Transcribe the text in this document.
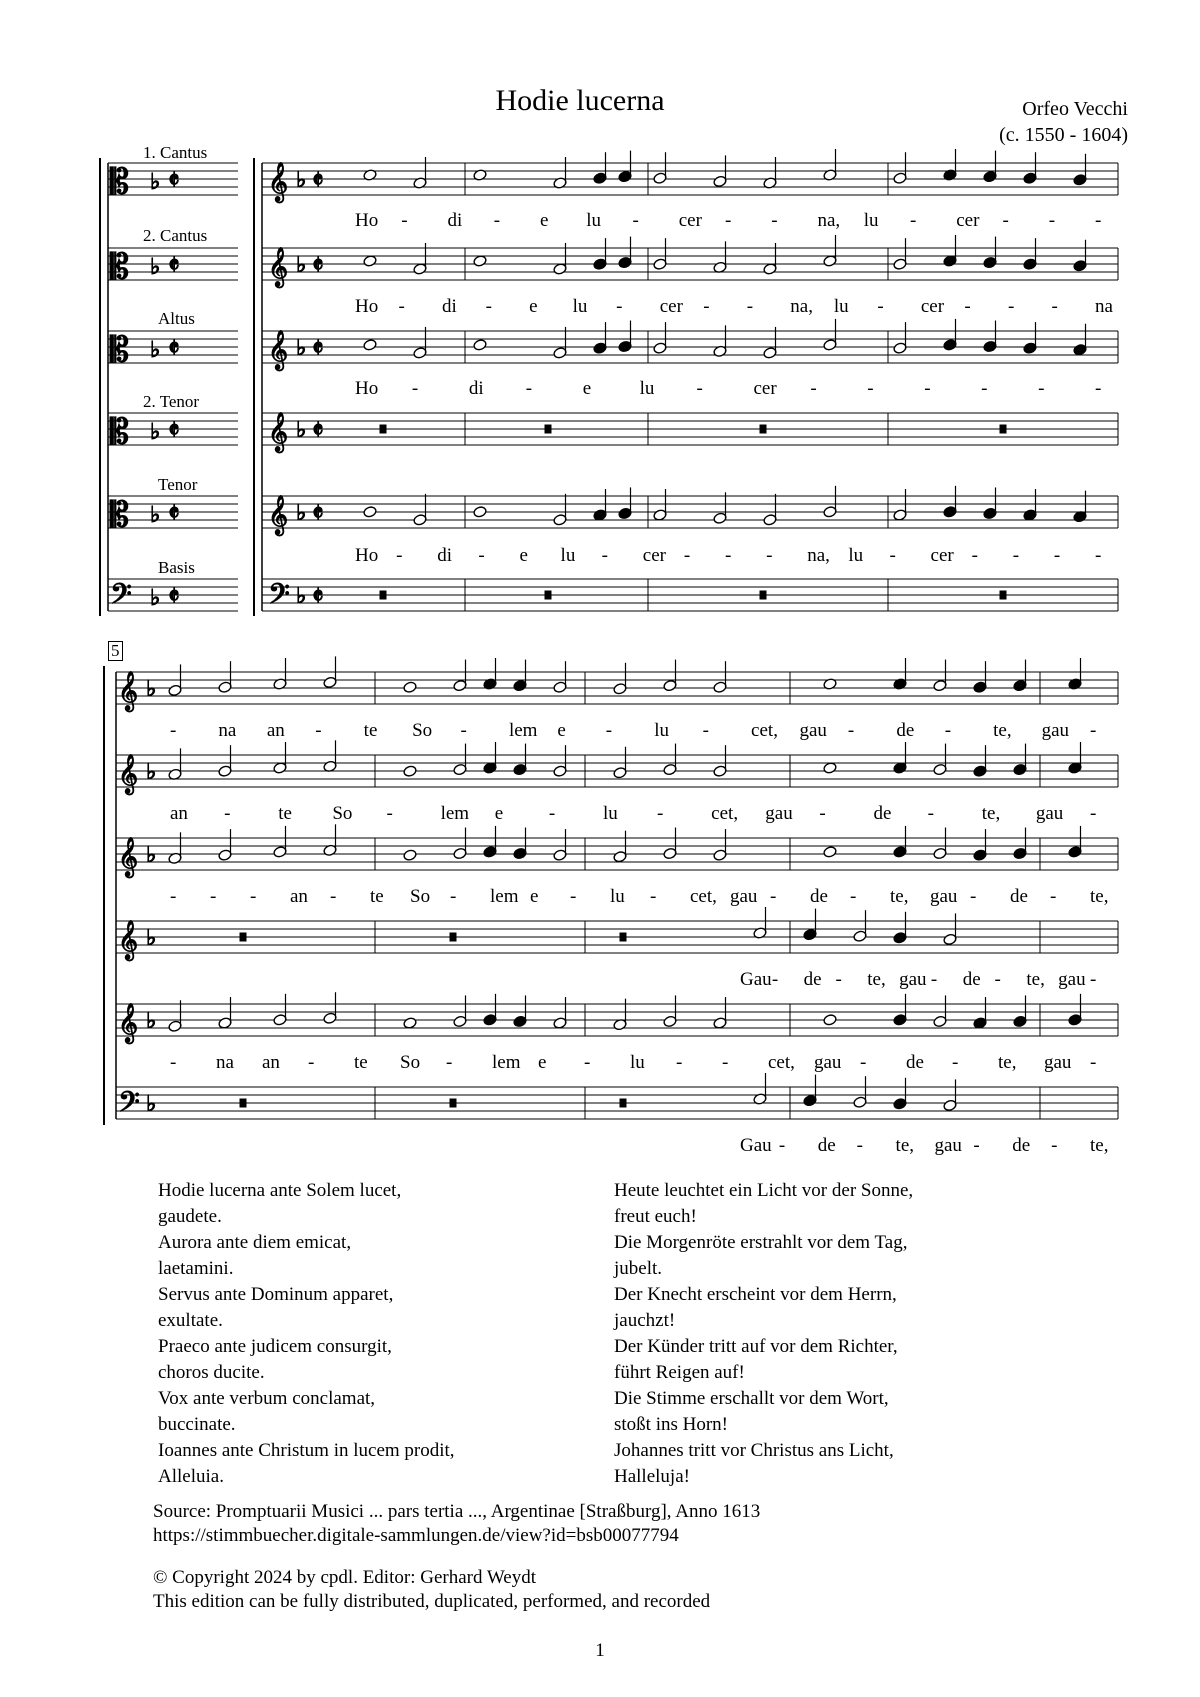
𝄡 ♭ 𝄵	𝄞 ♭ 𝄵
𝄡 ♭ 𝄵	𝄞 ♭ 𝄵
𝄡 ♭ 𝄵	𝄞 ♭ 𝄵
𝄡 ♭ 𝄵	𝄞 ♭ 𝄵
𝄡 ♭ 𝄵	𝄞 ♭ 𝄵
𝄢 ♭ 𝄵	𝄢 ♭ 𝄵
𝄞 ♭
𝄞 ♭
𝄞 ♭
𝄞 ♭
𝄞 ♭
𝄢 ♭
Hodie lucerna	Orfeo Vecchi
(c. 1550 - 1604)
1. Cantus
2. Cantus
Altus
2. Tenor
Tenor
Basis
5
Ho - di - e lu - cer - - na, lu - cer - - -
Ho - di - e lu - cer - - na, lu - cer - - - na
Ho -	di -	e	lu -	cer -	-	-	-	-	-
Ho - di - e lu - cer - - - na, lu - cer - - - -
- na an - te So - lem e - lu - cet, gau - de - te, gau -
an -	te So -	lem e -	lu -	cet, gau -	de -	te, gau -
- - - an - te So - lem e - lu - cet, gau - de - te, gau - de - te,
Gau - de - te, gau - de - te, gau -
- na an - te So - lem e - lu - - cet, gau - de - te, gau -
Gau - de - te, gau - de - te,
Hodie lucerna ante Solem lucet,
gaudete.
Aurora ante diem emicat,
laetamini.
Servus ante Dominum apparet,
exultate.
Praeco ante judicem consurgit,
choros ducite.
Vox ante verbum conclamat,
buccinate.
Ioannes ante Christum in lucem prodit,
Alleluia.
Heute leuchtet ein Licht vor der Sonne,
freut euch!
Die Morgenröte erstrahlt vor dem Tag,
jubelt.
Der Knecht erscheint vor dem Herrn,
jauchzt!
Der Künder tritt auf vor dem Richter,
führt Reigen auf!
Die Stimme erschallt vor dem Wort,
stoßt ins Horn!
Johannes tritt vor Christus ans Licht,
Halleluja!
Source: Promptuarii Musici ... pars tertia ..., Argentinae [Straßburg], Anno 1613
https://stimmbuecher.digitale-sammlungen.de/view?id=bsb00077794
© Copyright 2024 by cpdl. Editor: Gerhard Weydt
This edition can be fully distributed, duplicated, performed, and recorded
1
